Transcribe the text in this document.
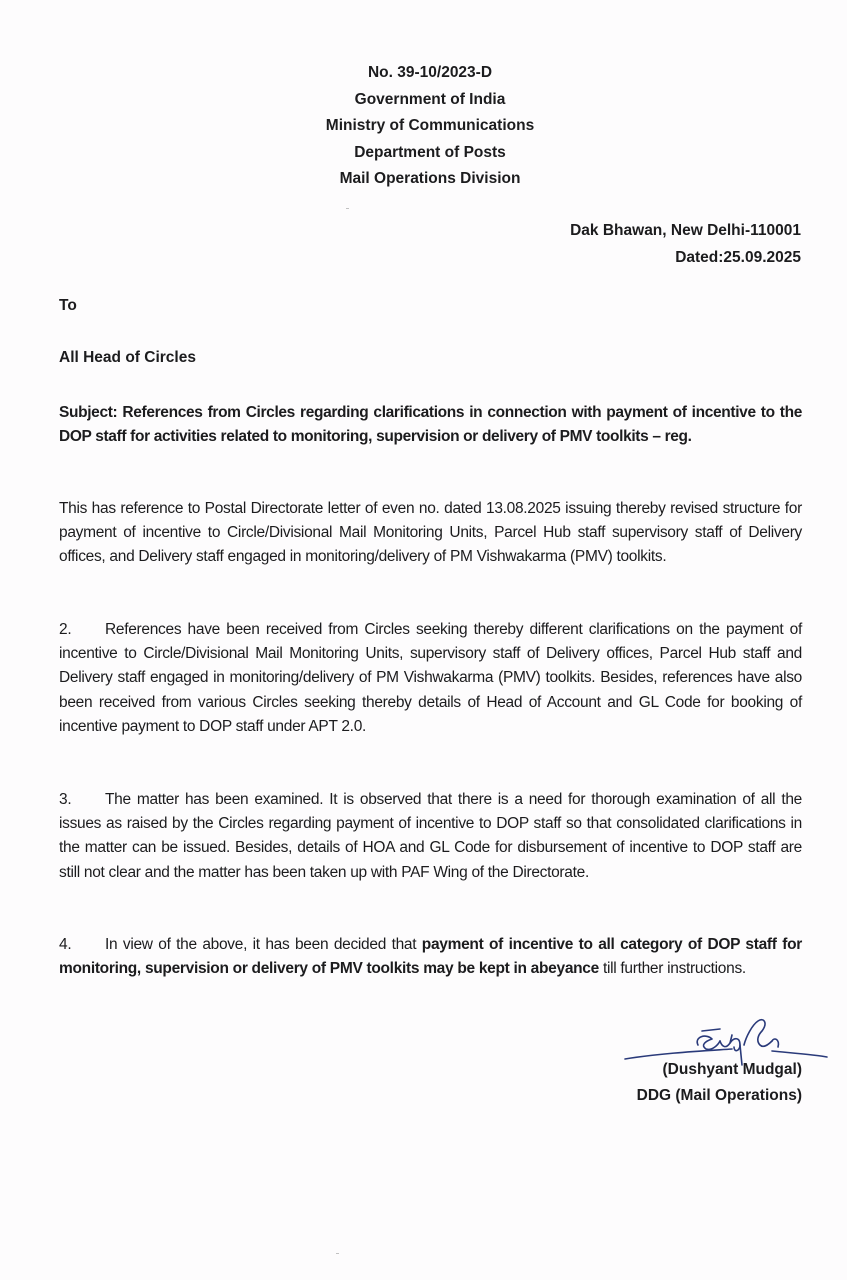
No. 39-10/2023-D
Government of India
Ministry of Communications
Department of Posts
Mail Operations Division
Dak Bhawan, New Delhi-110001
Dated:25.09.2025
To
All Head of Circles
Subject: References from Circles regarding clarifications in connection with payment of incentive to the DOP staff for activities related to monitoring, supervision or delivery of PMV toolkits – reg.
This has reference to Postal Directorate letter of even no. dated 13.08.2025 issuing thereby revised structure for payment of incentive to Circle/Divisional Mail Monitoring Units, Parcel Hub staff supervisory staff of Delivery offices, and Delivery staff engaged in monitoring/delivery of PM Vishwakarma (PMV) toolkits.
2. References have been received from Circles seeking thereby different clarifications on the payment of incentive to Circle/Divisional Mail Monitoring Units, supervisory staff of Delivery offices, Parcel Hub staff and Delivery staff engaged in monitoring/delivery of PM Vishwakarma (PMV) toolkits. Besides, references have also been received from various Circles seeking thereby details of Head of Account and GL Code for booking of incentive payment to DOP staff under APT 2.0.
3. The matter has been examined. It is observed that there is a need for thorough examination of all the issues as raised by the Circles regarding payment of incentive to DOP staff so that consolidated clarifications in the matter can be issued. Besides, details of HOA and GL Code for disbursement of incentive to DOP staff are still not clear and the matter has been taken up with PAF Wing of the Directorate.
4. In view of the above, it has been decided that payment of incentive to all category of DOP staff for monitoring, supervision or delivery of PMV toolkits may be kept in abeyance till further instructions.
(Dushyant Mudgal)
DDG (Mail Operations)
